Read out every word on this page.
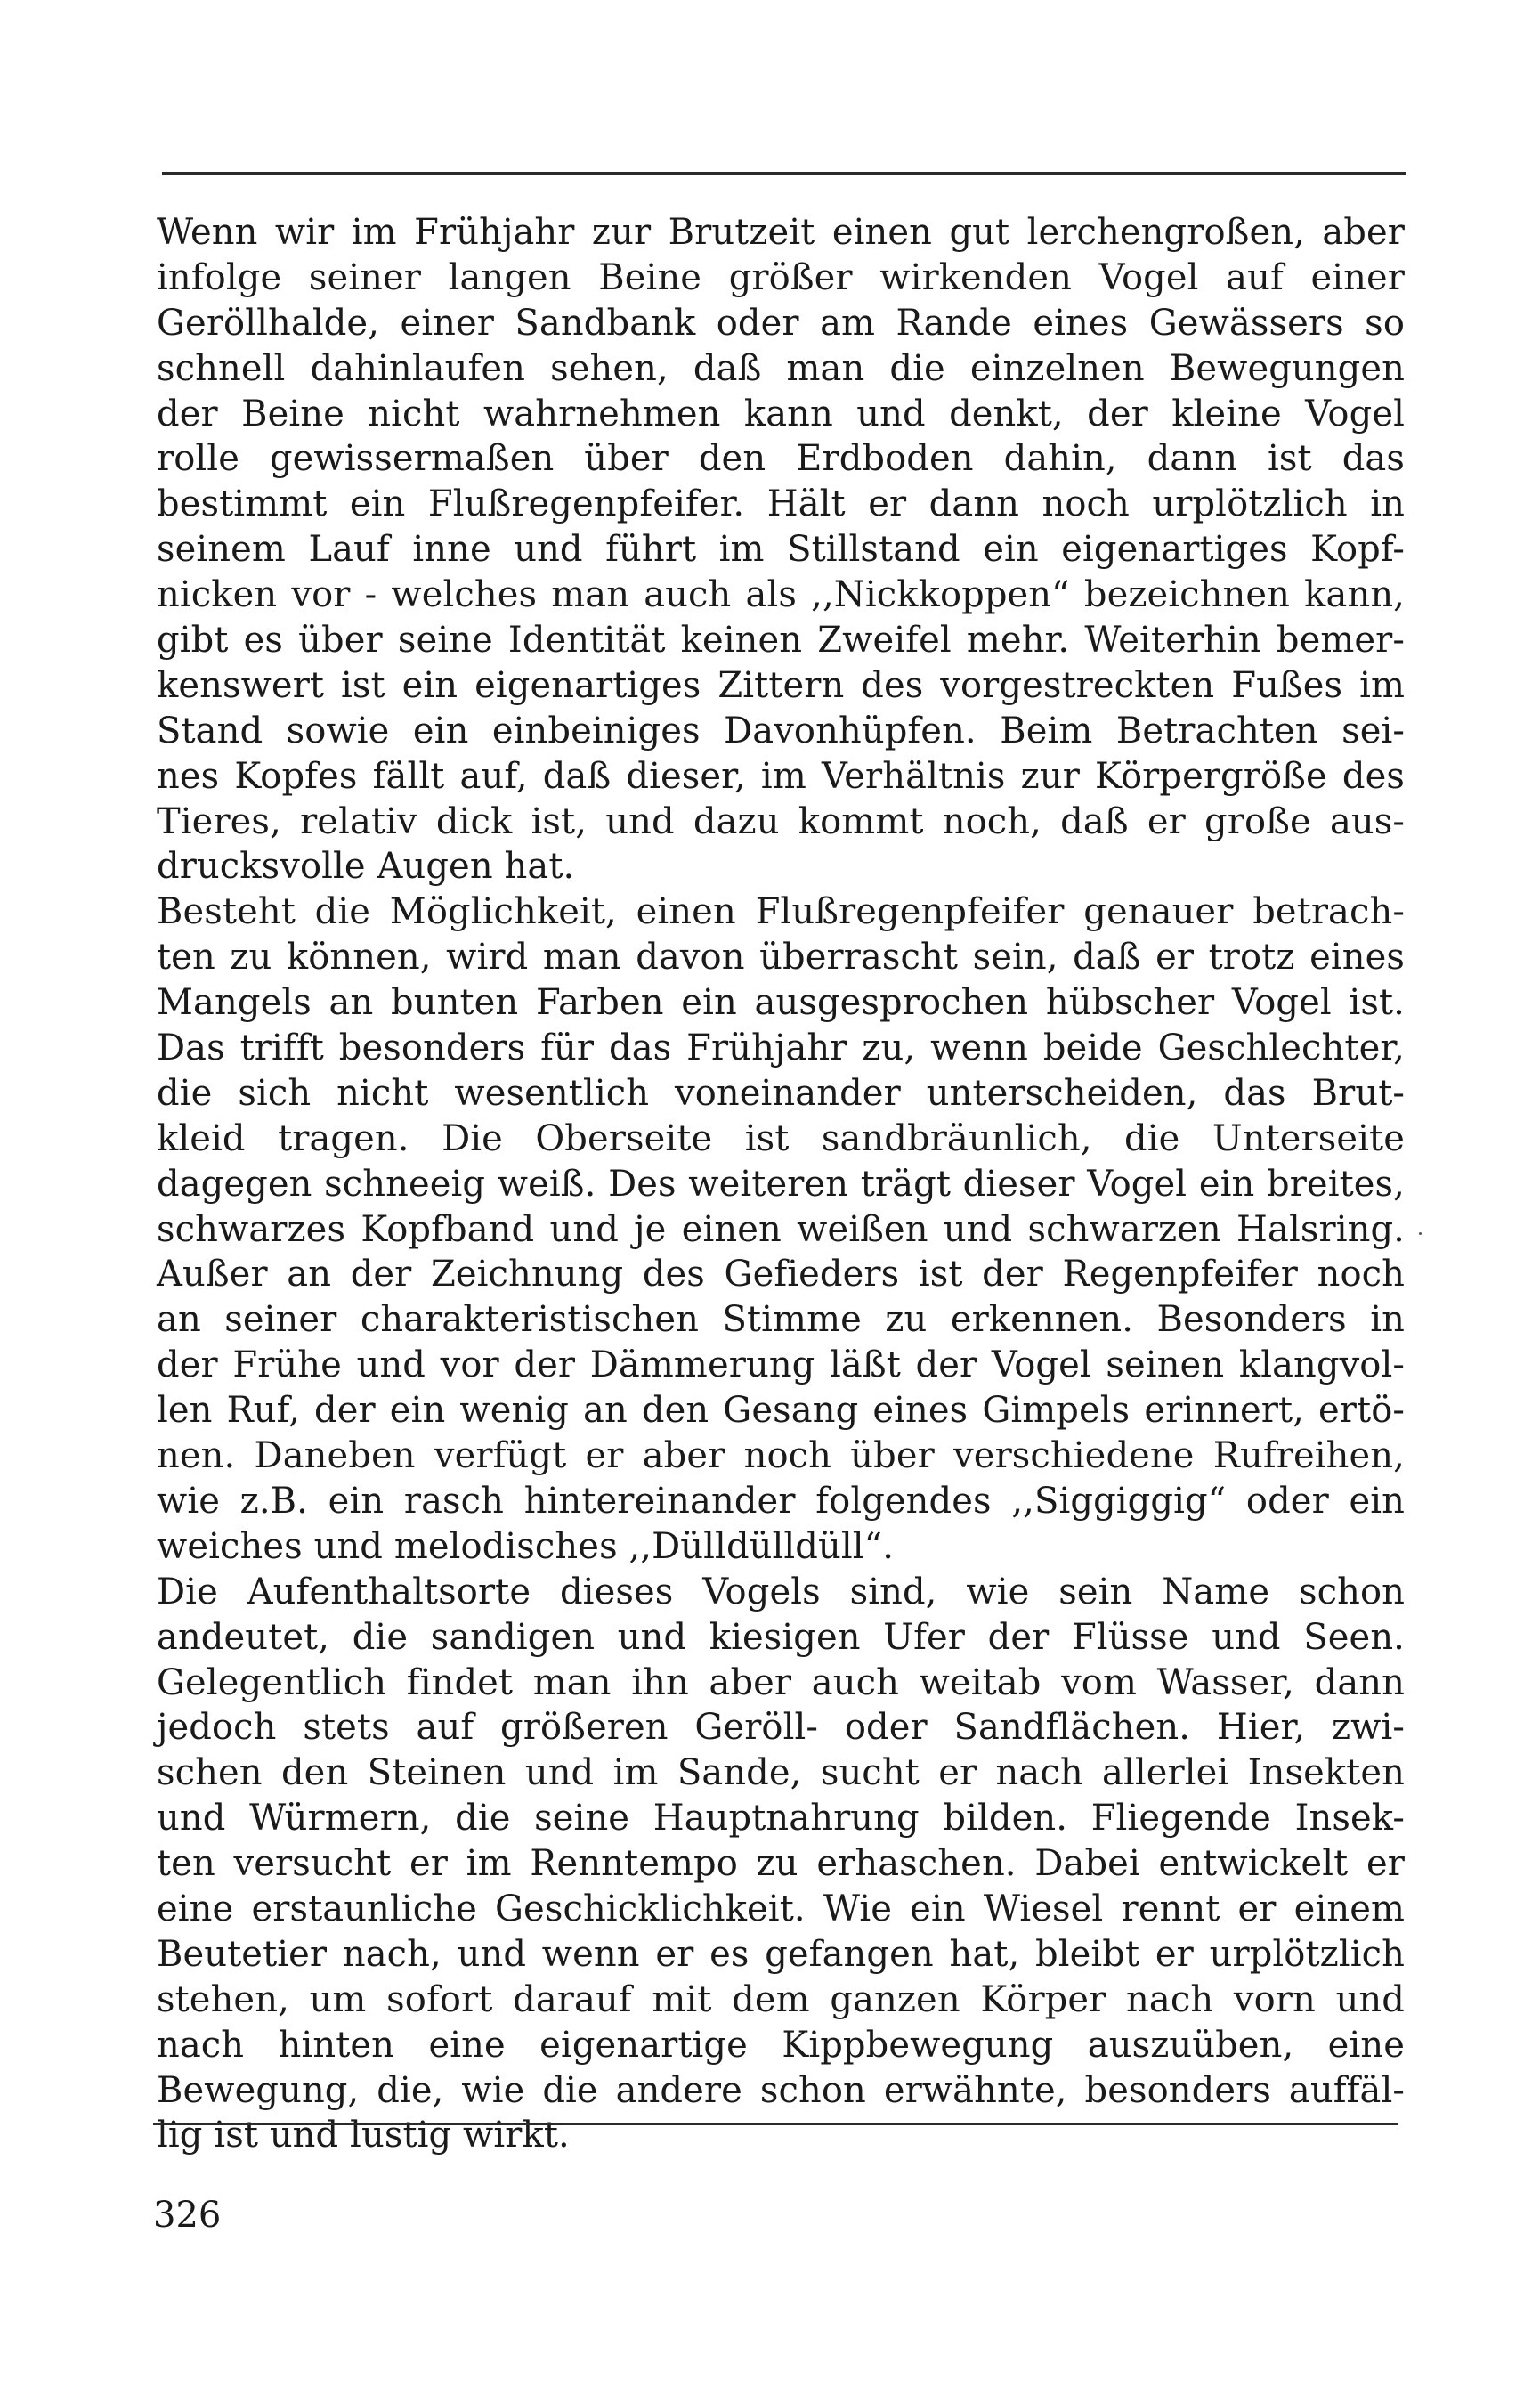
Wenn wir im Frühjahr zur Brutzeit einen gut lerchengroßen, aber
infolge seiner langen Beine größer wirkenden Vogel auf einer
Geröllhalde, einer Sandbank oder am Rande eines Gewässers so
schnell dahinlaufen sehen, daß man die einzelnen Bewegungen
der Beine nicht wahrnehmen kann und denkt, der kleine Vogel
rolle gewissermaßen über den Erdboden dahin, dann ist das
bestimmt ein Flußregenpfeifer. Hält er dann noch urplötzlich in
seinem Lauf inne und führt im Stillstand ein eigenartiges Kopf-
nicken vor - welches man auch als ,,Nickkoppen“ bezeichnen kann,
gibt es über seine Identität keinen Zweifel mehr. Weiterhin bemer-
kenswert ist ein eigenartiges Zittern des vorgestreckten Fußes im
Stand sowie ein einbeiniges Davonhüpfen. Beim Betrachten sei-
nes Kopfes fällt auf, daß dieser, im Verhältnis zur Körpergröße des
Tieres, relativ dick ist, und dazu kommt noch, daß er große aus-
drucksvolle Augen hat.
Besteht die Möglichkeit, einen Flußregenpfeifer genauer betrach-
ten zu können, wird man davon überrascht sein, daß er trotz eines
Mangels an bunten Farben ein ausgesprochen hübscher Vogel ist.
Das trifft besonders für das Frühjahr zu, wenn beide Geschlechter,
die sich nicht wesentlich voneinander unterscheiden, das Brut-
kleid tragen. Die Oberseite ist sandbräunlich, die Unterseite
dagegen schneeig weiß. Des weiteren trägt dieser Vogel ein breites,
schwarzes Kopfband und je einen weißen und schwarzen Halsring.
Außer an der Zeichnung des Gefieders ist der Regenpfeifer noch
an seiner charakteristischen Stimme zu erkennen. Besonders in
der Frühe und vor der Dämmerung läßt der Vogel seinen klangvol-
len Ruf, der ein wenig an den Gesang eines Gimpels erinnert, ertö-
nen. Daneben verfügt er aber noch über verschiedene Rufreihen,
wie z.B. ein rasch hintereinander folgendes ,,Siggiggig“ oder ein
weiches und melodisches ,,Dülldülldüll“.
Die Aufenthaltsorte dieses Vogels sind, wie sein Name schon
andeutet, die sandigen und kiesigen Ufer der Flüsse und Seen.
Gelegentlich findet man ihn aber auch weitab vom Wasser, dann
jedoch stets auf größeren Geröll- oder Sandflächen. Hier, zwi-
schen den Steinen und im Sande, sucht er nach allerlei Insekten
und Würmern, die seine Hauptnahrung bilden. Fliegende Insek-
ten versucht er im Renntempo zu erhaschen. Dabei entwickelt er
eine erstaunliche Geschicklichkeit. Wie ein Wiesel rennt er einem
Beutetier nach, und wenn er es gefangen hat, bleibt er urplötzlich
stehen, um sofort darauf mit dem ganzen Körper nach vorn und
nach hinten eine eigenartige Kippbewegung auszuüben, eine
Bewegung, die, wie die andere schon erwähnte, besonders auffäl-
lig ist und lustig wirkt.
326
